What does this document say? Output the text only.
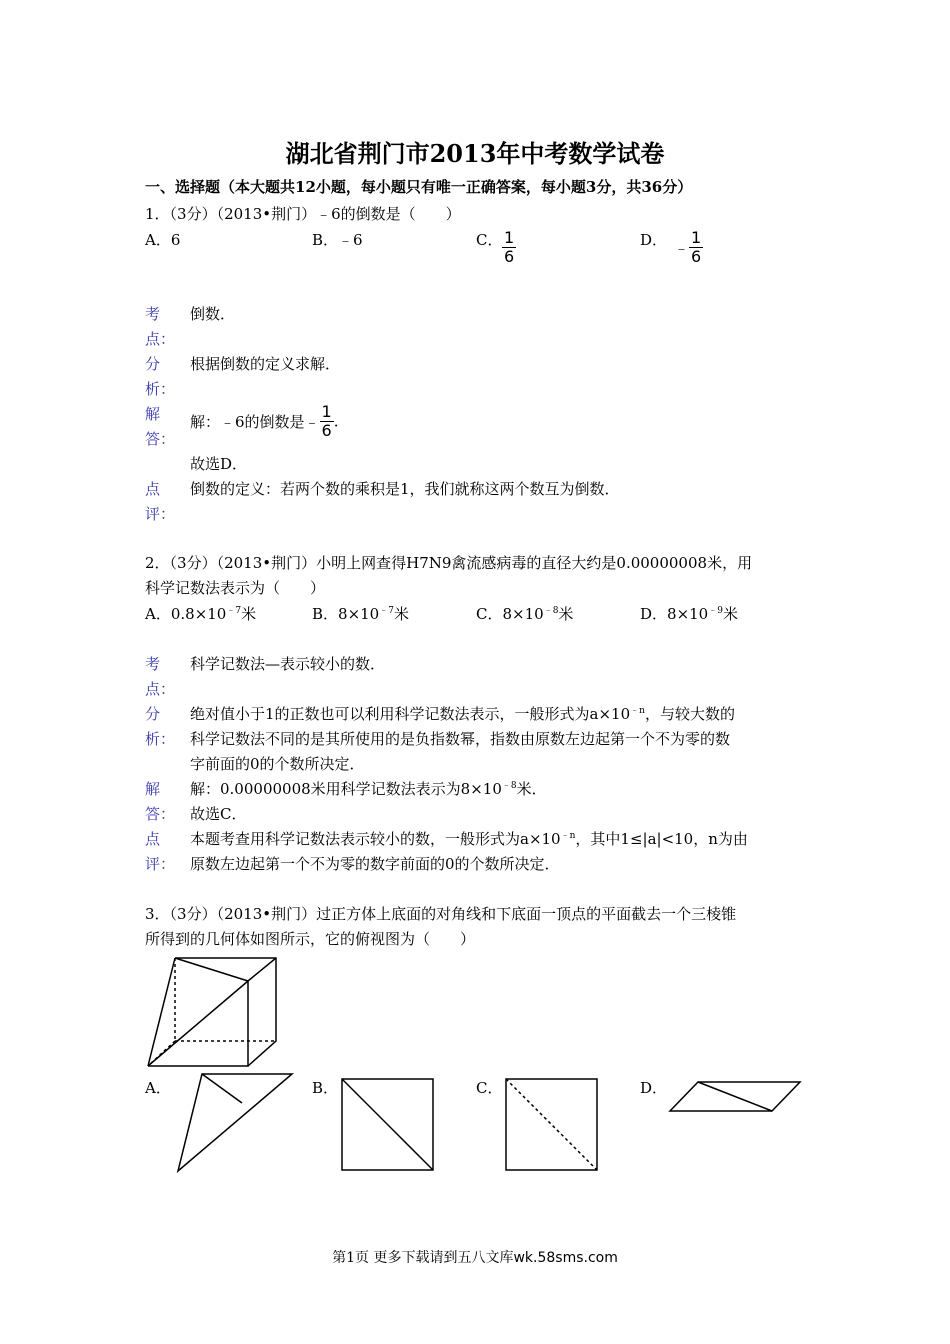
湖北省荆门市2013年中考数学试卷
一、选择题（本大题共12小题，每小题只有唯一正确答案，每小题3分，共36分）
1．（3分）（2013•荆门）﹣6的倒数是（　　）
A．6	B．﹣6	C． $\frac{1}{6}$	D． ﹣ $\frac{1}{6}$
考
点：
倒数．
分
析：
根据倒数的定义求解．
解
答：
解：﹣6的倒数是﹣ $\frac{1}{6}$ .
故选D．
点
评：
倒数的定义：若两个数的乘积是1，我们就称这两个数互为倒数．
2．（3分）（2013•荆门）小明上网查得H7N9禽流感病毒的直径大约是0.00000008米，用
科学记数法表示为（　　）
A．$0.8\times 10^{﹣7}$米	B．$8\times 10^{﹣7}$米	C．$8\times 10^{﹣8}$米	D．$8\times 10^{﹣9}$米
考
点：
科学记数法—表示较小的数．
分
析：
绝对值小于1的正数也可以利用科学记数法表示，一般形式为$a\times 10^{﹣n}$，与较大数的
科学记数法不同的是其所使用的是负指数幂，指数由原数左边起第一个不为零的数
字前面的0的个数所决定．
解
答：
解：0.00000008米用科学记数法表示为$8\times 10^{﹣8}$米．
故选C．
点
评：
本题考查用科学记数法表示较小的数，一般形式为$a\times 10^{﹣n}$，其中1≤|a|<10，n为由
原数左边起第一个不为零的数字前面的0的个数所决定．
3．（3分）（2013•荆门）过正方体上底面的对角线和下底面一顶点的平面截去一个三棱锥
所得到的几何体如图所示，它的俯视图为（　　）
A．	B．	C．	D．
第1页 更多下载请到五八文库wk.58sms.com
